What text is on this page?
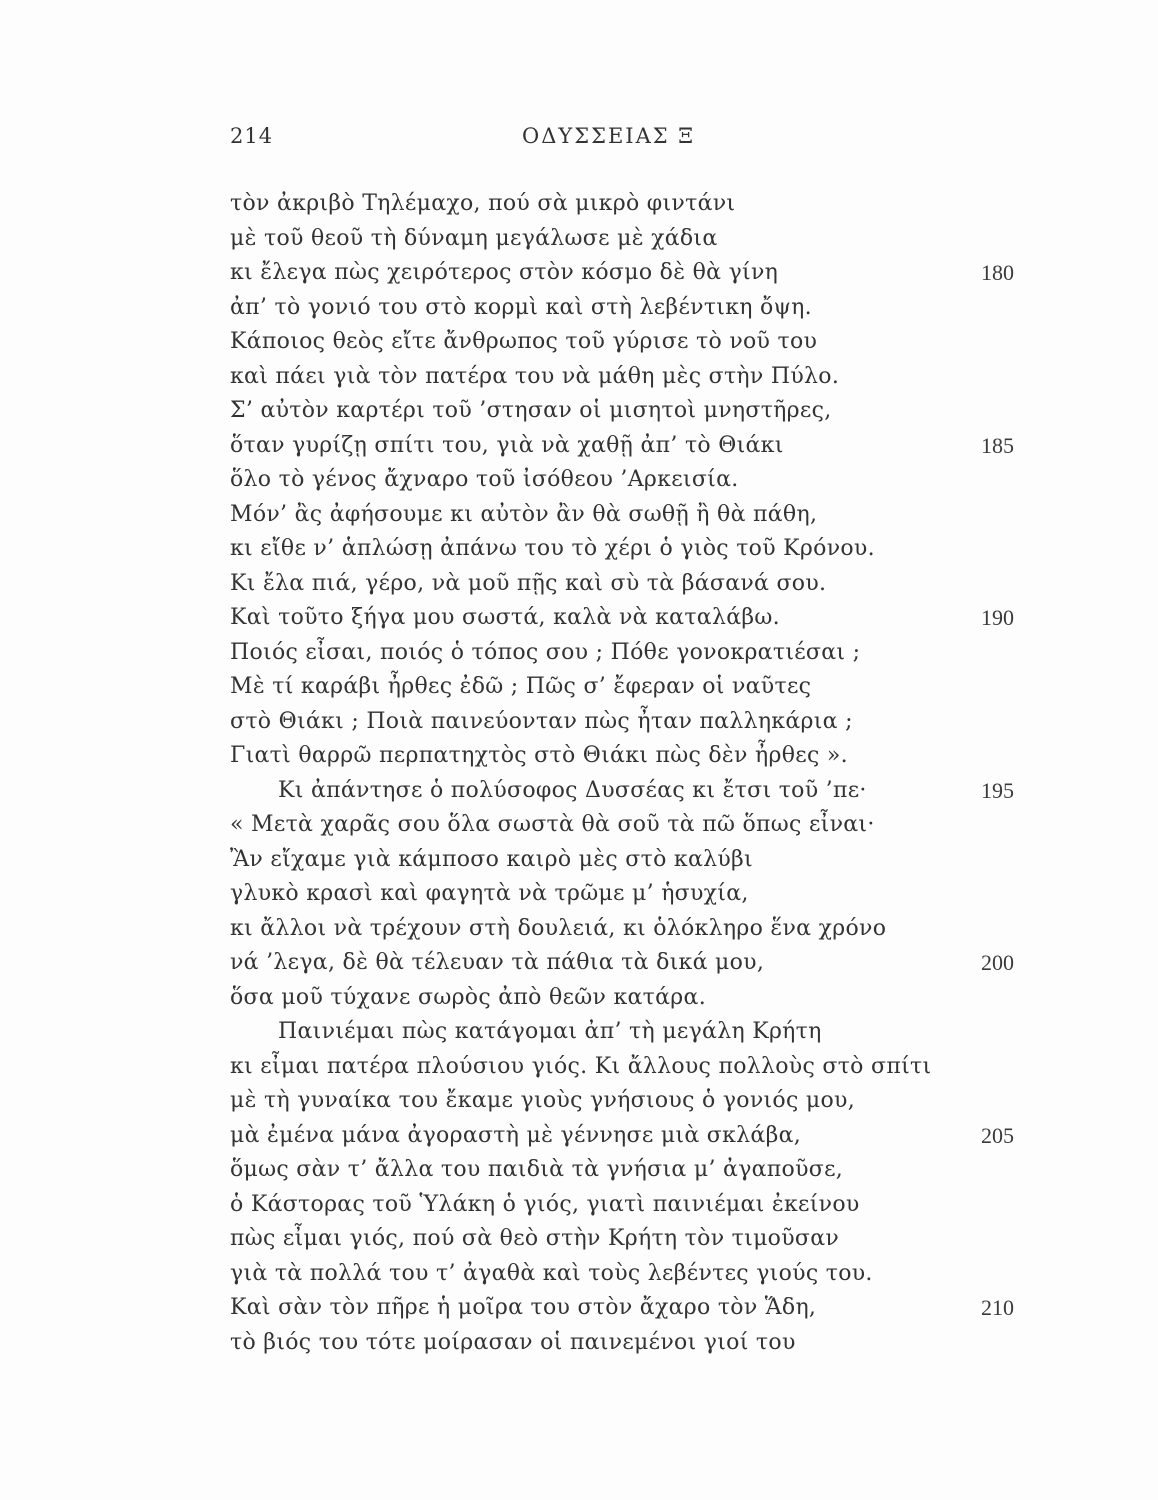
214	ΟΔΥΣΣΕΙΑΣ Ξ
τὸν ἀκριβὸ Τηλέμαχο, πού σὰ μικρὸ φιντάνι
μὲ τοῦ θεοῦ τὴ δύναμη μεγάλωσε μὲ χάδια
κι ἔλεγα πὼς χειρότερος στὸν κόσμο δὲ θὰ γίνη	180
ἀπ’ τὸ γονιό του στὸ κορμὶ καὶ στὴ λεβέντικη ὄψη.
Κάποιος θεὸς εἴτε ἄνθρωπος τοῦ γύρισε τὸ νοῦ του
καὶ πάει γιὰ τὸν πατέρα του νὰ μάθη μὲς στὴν Πύλο.
Σ’ αὐτὸν καρτέρι τοῦ ’στησαν οἱ μισητοὶ μνηστῆρες,
ὅταν γυρίζῃ σπίτι του, γιὰ νὰ χαθῇ ἀπ’ τὸ Θιάκι	185
ὅλο τὸ γένος ἄχναρο τοῦ ἰσόθεου ’Αρκεισία.
Μόν’ ἂς ἀφήσουμε κι αὐτὸν ἂν θὰ σωθῇ ἢ θὰ πάθη,
κι εἴθε ν’ ἁπλώσῃ ἀπάνω του τὸ χέρι ὁ γιὸς τοῦ Κρόνου.
Κι ἔλα πιά, γέρο, νὰ μοῦ πῇς καὶ σὺ τὰ βάσανά σου.
Καὶ τοῦτο ξήγα μου σωστά, καλὰ νὰ καταλάβω.	190
Ποιός εἶσαι, ποιός ὁ τόπος σου ; Πόθε γονοκρατιέσαι ;
Μὲ τί καράβι ἦρθες ἐδῶ ; Πῶς σ’ ἔφεραν οἱ ναῦτες
στὸ Θιάκι ; Ποιὰ παινεύονταν πὼς ἦταν παλληκάρια ;
Γιατὶ θαρρῶ περπατηχτὸς στὸ Θιάκι πὼς δὲν ἦρθες ».
Κι ἀπάντησε ὁ πολύσοφος Δυσσέας κι ἔτσι τοῦ ’πε·	195
« Μετὰ χαρᾶς σου ὅλα σωστὰ θὰ σοῦ τὰ πῶ ὅπως εἶναι·
Ἂν εἴχαμε γιὰ κάμποσο καιρὸ μὲς στὸ καλύβι
γλυκὸ κρασὶ καὶ φαγητὰ νὰ τρῶμε μ’ ἡσυχία,
κι ἄλλοι νὰ τρέχουν στὴ δουλειά, κι ὁλόκληρο ἕνα χρόνο
νά ’λεγα, δὲ θὰ τέλευαν τὰ πάθια τὰ δικά μου,	200
ὅσα μοῦ τύχανε σωρὸς ἀπὸ θεῶν κατάρα.
Παινιέμαι πὼς κατάγομαι ἀπ’ τὴ μεγάλη Κρήτη
κι εἶμαι πατέρα πλούσιου γιός. Κι ἄλλους πολλοὺς στὸ σπίτι
μὲ τὴ γυναίκα του ἔκαμε γιοὺς γνήσιους ὁ γονιός μου,
μὰ ἐμένα μάνα ἀγοραστὴ μὲ γέννησε μιὰ σκλάβα,	205
ὅμως σὰν τ’ ἄλλα του παιδιὰ τὰ γνήσια μ’ ἀγαποῦσε,
ὁ Κάστορας τοῦ Ὑλάκη ὁ γιός, γιατὶ παινιέμαι ἐκείνου
πὼς εἶμαι γιός, πού σὰ θεὸ στὴν Κρήτη τὸν τιμοῦσαν
γιὰ τὰ πολλά του τ’ ἀγαθὰ καὶ τοὺς λεβέντες γιούς του.
Καὶ σὰν τὸν πῆρε ἡ μοῖρα του στὸν ἄχαρο τὸν Ἅδη,	210
τὸ βιός του τότε μοίρασαν οἱ παινεμένοι γιοί του
